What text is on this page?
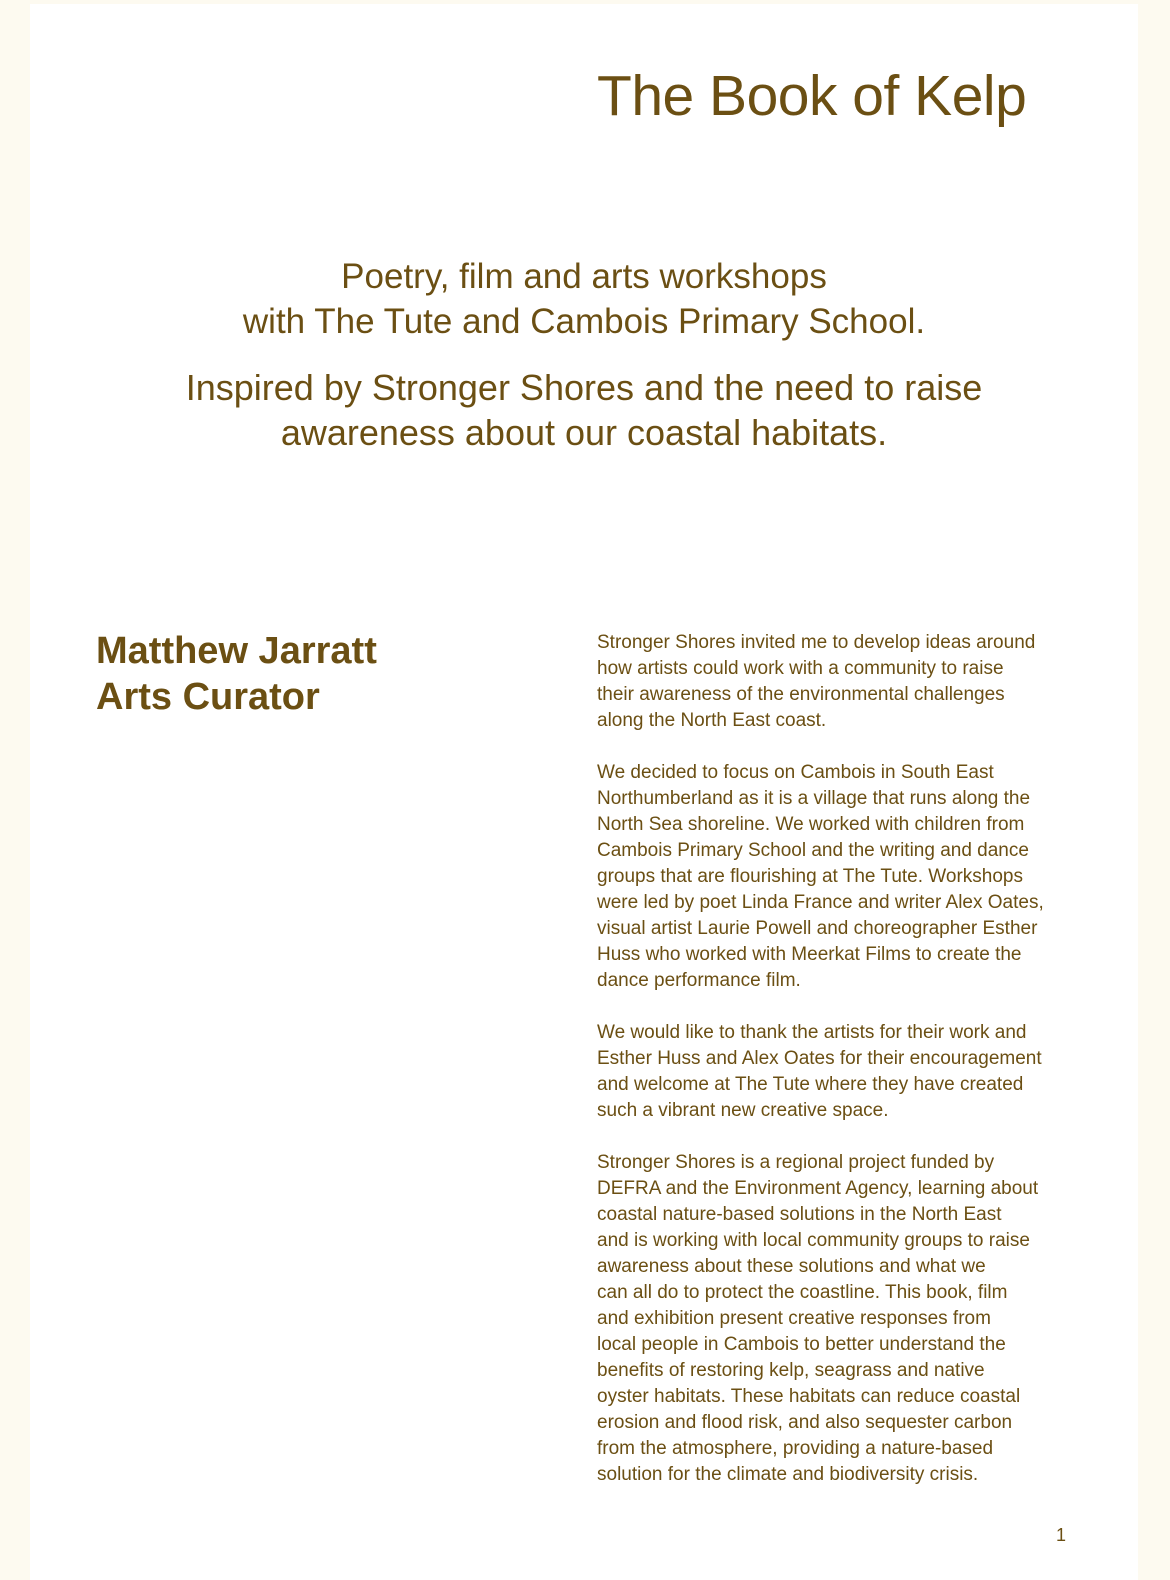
The Book of Kelp

Poetry, film and arts workshops
with The Tute and Cambois Primary School.

Inspired by Stronger Shores and the need to raise
awareness about our coastal habitats.

Matthew Jarratt
Arts Curator

Stronger Shores invited me to develop ideas around
how artists could work with a community to raise
their awareness of the environmental challenges
along the North East coast.

We decided to focus on Cambois in South East
Northumberland as it is a village that runs along the
North Sea shoreline. We worked with children from
Cambois Primary School and the writing and dance
groups that are flourishing at The Tute. Workshops
were led by poet Linda France and writer Alex Oates,
visual artist Laurie Powell and choreographer Esther
Huss who worked with Meerkat Films to create the
dance performance film.

We would like to thank the artists for their work and
Esther Huss and Alex Oates for their encouragement
and welcome at The Tute where they have created
such a vibrant new creative space.

Stronger Shores is a regional project funded by
DEFRA and the Environment Agency, learning about
coastal nature-based solutions in the North East
and is working with local community groups to raise
awareness about these solutions and what we
can all do to protect the coastline. This book, film
and exhibition present creative responses from
local people in Cambois to better understand the
benefits of restoring kelp, seagrass and native
oyster habitats. These habitats can reduce coastal
erosion and flood risk, and also sequester carbon
from the atmosphere, providing a nature-based
solution for the climate and biodiversity crisis.

1
